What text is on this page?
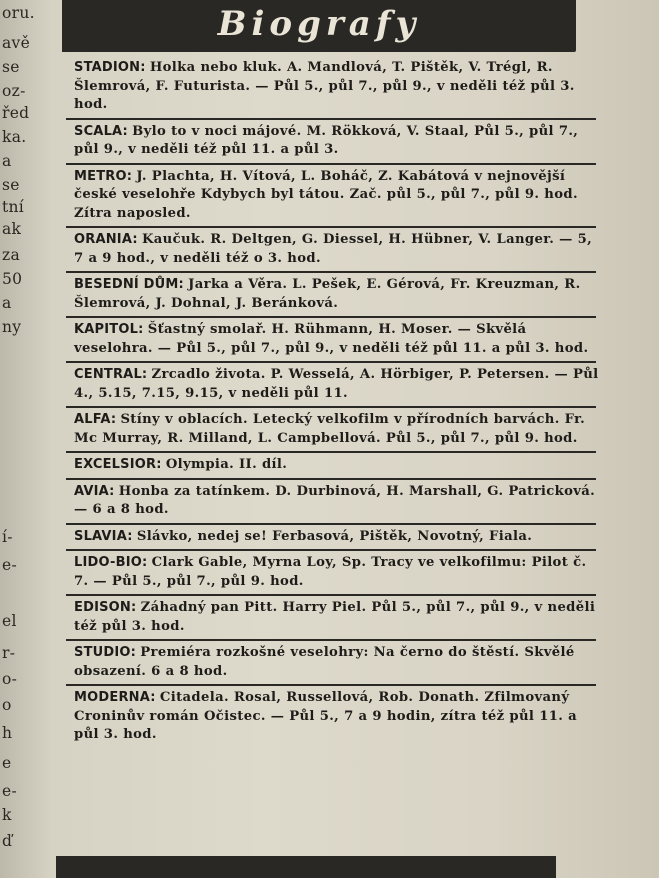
oru.
avě
se
oz-
řed
ka.
a
se
tní
ak
za
50
a
ny
í-
e-
el
r-
o-
o
h
e
e-
k
ď
Biografy
STADION: Holka nebo kluk. A. Mandlová, T. Pištěk, V. Trégl, R. Šlemrová, F. Futurista. — Půl 5., půl 7., půl 9., v neděli též půl 3. hod.
SCALA: Bylo to v noci májové. M. Rökková, V. Staal, Půl 5., půl 7., půl 9., v neděli též půl 11. a půl 3.
METRO: J. Plachta, H. Vítová, L. Boháč, Z. Kabátová v nejnovější české veselohře Kdybych byl tátou. Zač. půl 5., půl 7., půl 9. hod. Zítra naposled.
ORANIA: Kaučuk. R. Deltgen, G. Diessel, H. Hübner, V. Langer. — 5, 7 a 9 hod., v neděli též o 3. hod.
BESEDNÍ DŮM: Jarka a Věra. L. Pešek, E. Gérová, Fr. Kreuzman, R. Šlemrová, J. Dohnal, J. Beránková.
KAPITOL: Šťastný smolař. H. Rühmann, H. Moser. — Skvělá veselohra. — Půl 5., půl 7., půl 9., v neděli též půl 11. a půl 3. hod.
CENTRAL: Zrcadlo života. P. Wesselá, A. Hörbiger, P. Petersen. — Půl 4., 5.15, 7.15, 9.15, v neděli půl 11.
ALFA: Stíny v oblacích. Letecký velkofilm v přírodních barvách. Fr. Mc Murray, R. Milland, L. Campbellová. Půl 5., půl 7., půl 9. hod.
EXCELSIOR: Olympia. II. díl.
AVIA: Honba za tatínkem. D. Durbinová, H. Marshall, G. Patricková. — 6 a 8 hod.
SLAVIA: Slávko, nedej se! Ferbasová, Pištěk, Novotný, Fiala.
LIDO-BIO: Clark Gable, Myrna Loy, Sp. Tracy ve velkofilmu: Pilot č. 7. — Půl 5., půl 7., půl 9. hod.
EDISON: Záhadný pan Pitt. Harry Piel. Půl 5., půl 7., půl 9., v neděli též půl 3. hod.
STUDIO: Premiéra rozkošné veselohry: Na černo do štěstí. Skvělé obsazení. 6 a 8 hod.
MODERNA: Citadela. Rosal, Russellová, Rob. Donath. Zfilmovaný Croninův román Očistec. — Půl 5., 7 a 9 hodin, zítra též půl 11. a půl 3. hod.
